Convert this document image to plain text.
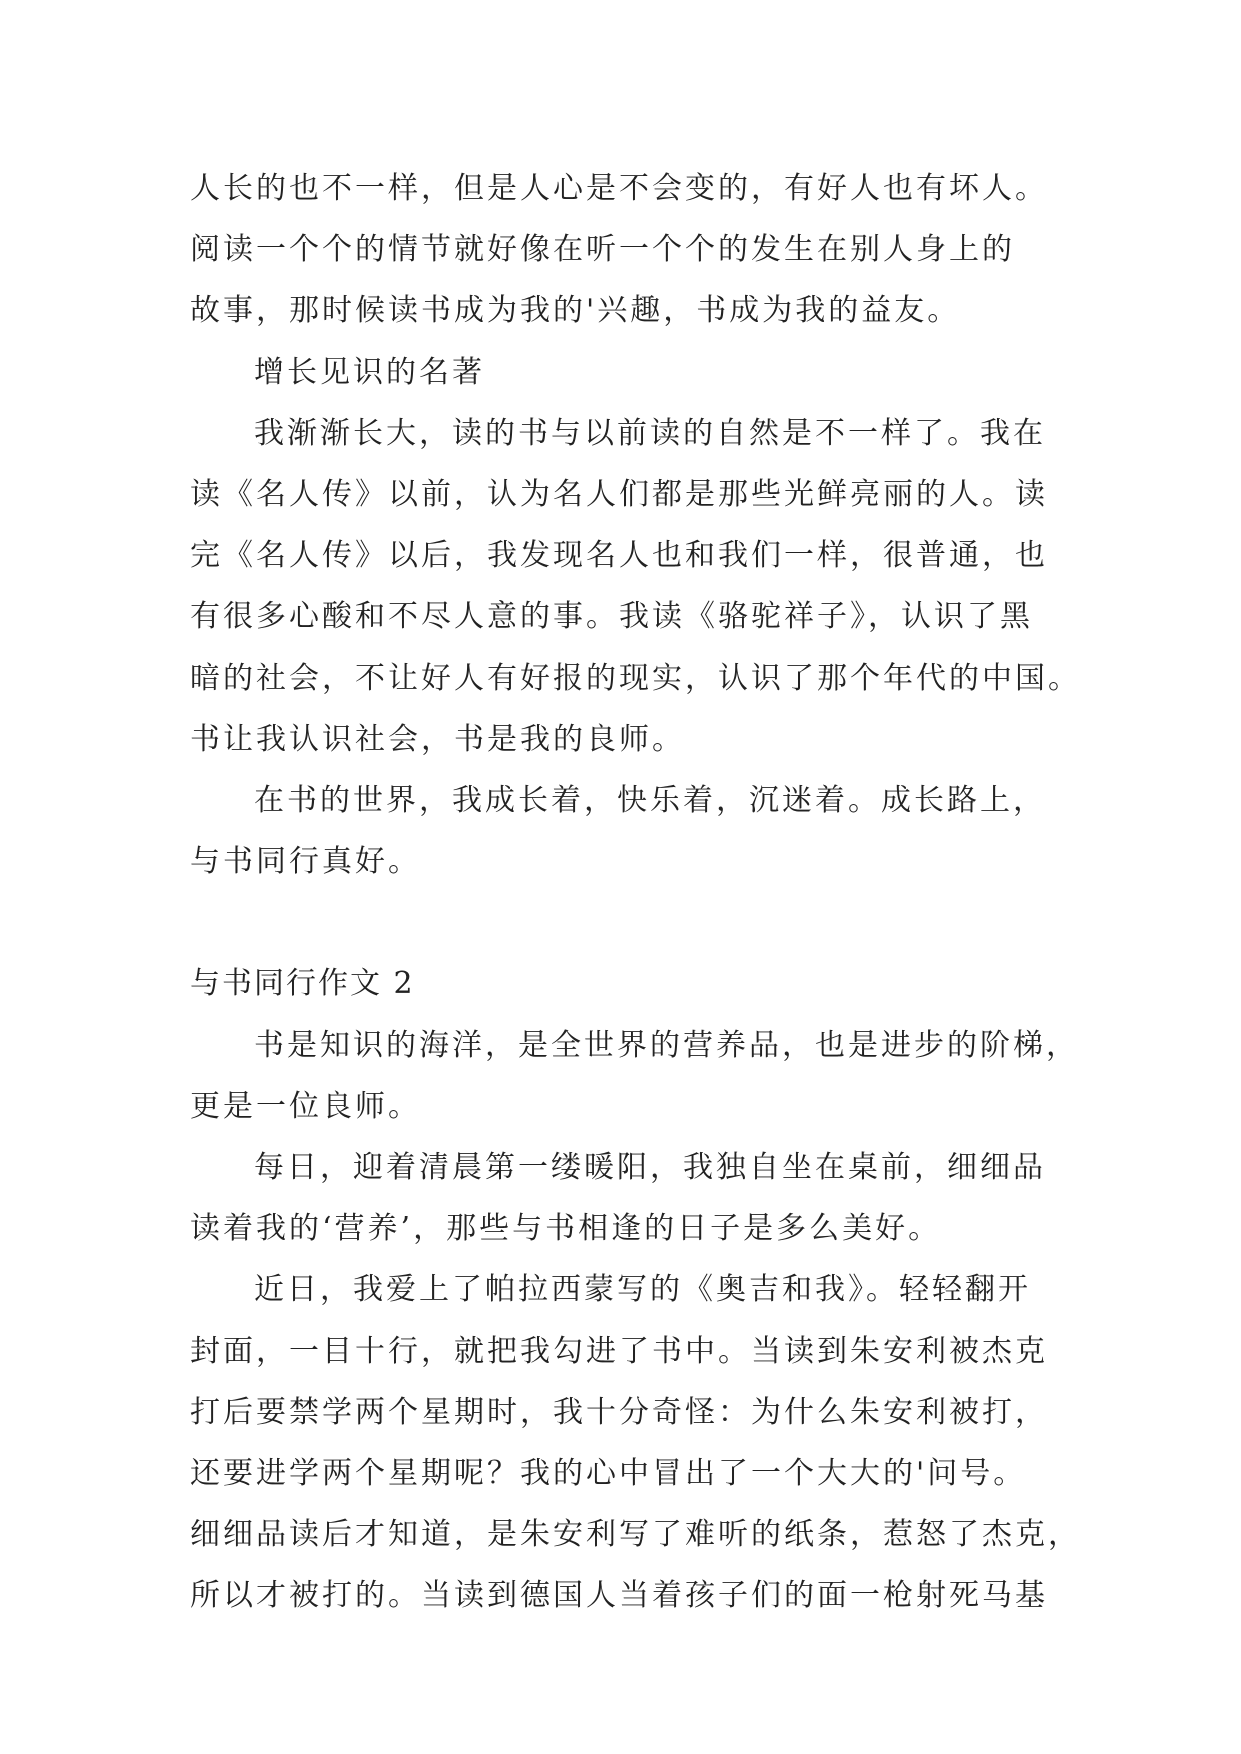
人长的也不一样，但是人心是不会变的，有好人也有坏人。
阅读一个个的情节就好像在听一个个的发生在别人身上的
故事，那时候读书成为我的'兴趣，书成为我的益友。
增长见识的名著
我渐渐长大，读的书与以前读的自然是不一样了。我在
读《名人传》以前，认为名人们都是那些光鲜亮丽的人。读
完《名人传》以后，我发现名人也和我们一样，很普通，也
有很多心酸和不尽人意的事。我读《骆驼祥子》，认识了黑
暗的社会，不让好人有好报的现实，认识了那个年代的中国。
书让我认识社会，书是我的良师。
在书的世界，我成长着，快乐着，沉迷着。成长路上，
与书同行真好。
与书同行作文 2
书是知识的海洋，是全世界的营养品，也是进步的阶梯，
更是一位良师。
每日，迎着清晨第一缕暖阳，我独自坐在桌前，细细品
读着我的‘营养’，那些与书相逢的日子是多么美好。
近日，我爱上了帕拉西蒙写的《奥吉和我》。轻轻翻开
封面，一目十行，就把我勾进了书中。当读到朱安利被杰克
打后要禁学两个星期时，我十分奇怪：为什么朱安利被打，
还要进学两个星期呢？我的心中冒出了一个大大的'问号。
细细品读后才知道，是朱安利写了难听的纸条，惹怒了杰克，
所以才被打的。当读到德国人当着孩子们的面一枪射死马基
